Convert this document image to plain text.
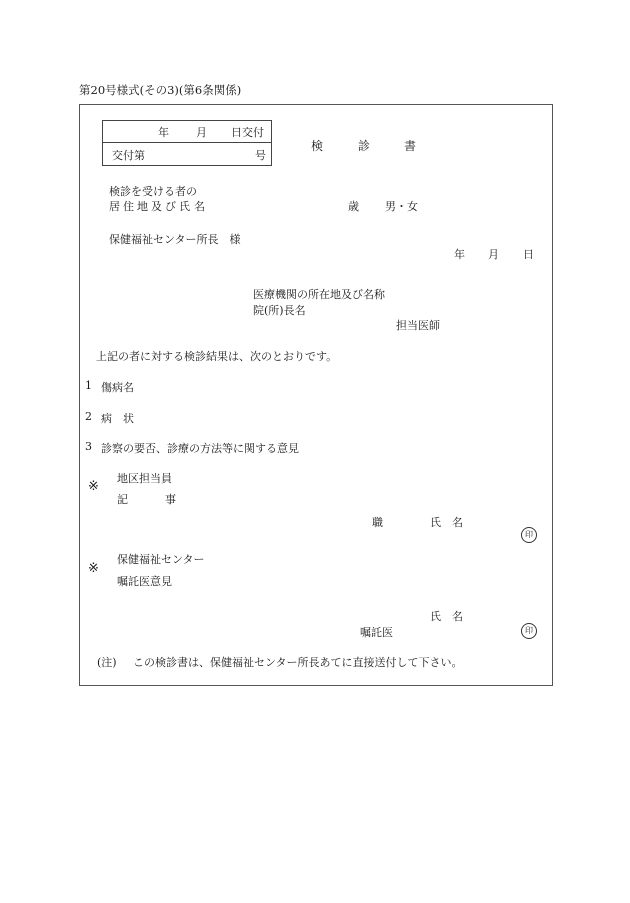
第20号様式(その3)(第6条関係)
年 月 日交付
交付第	号
検	診	書
検診を受ける者の
居 住 地 及 び 氏 名	歳 男・女
保健福祉センター所長　様
年 月 日
医療機関の所在地及び名称
院(所)長名
担当医師
上記の者に対する検診結果は、次のとおりです。
1 傷病名
2 病　状
3 診察の要否、診療の方法等に関する意見
※
地区担当員
記	事
職	氏　名
印
※
保健福祉センター
嘱託医意見
氏　名
嘱託医	印
(注) この検診書は、保健福祉センター所長あてに直接送付して下さい。
